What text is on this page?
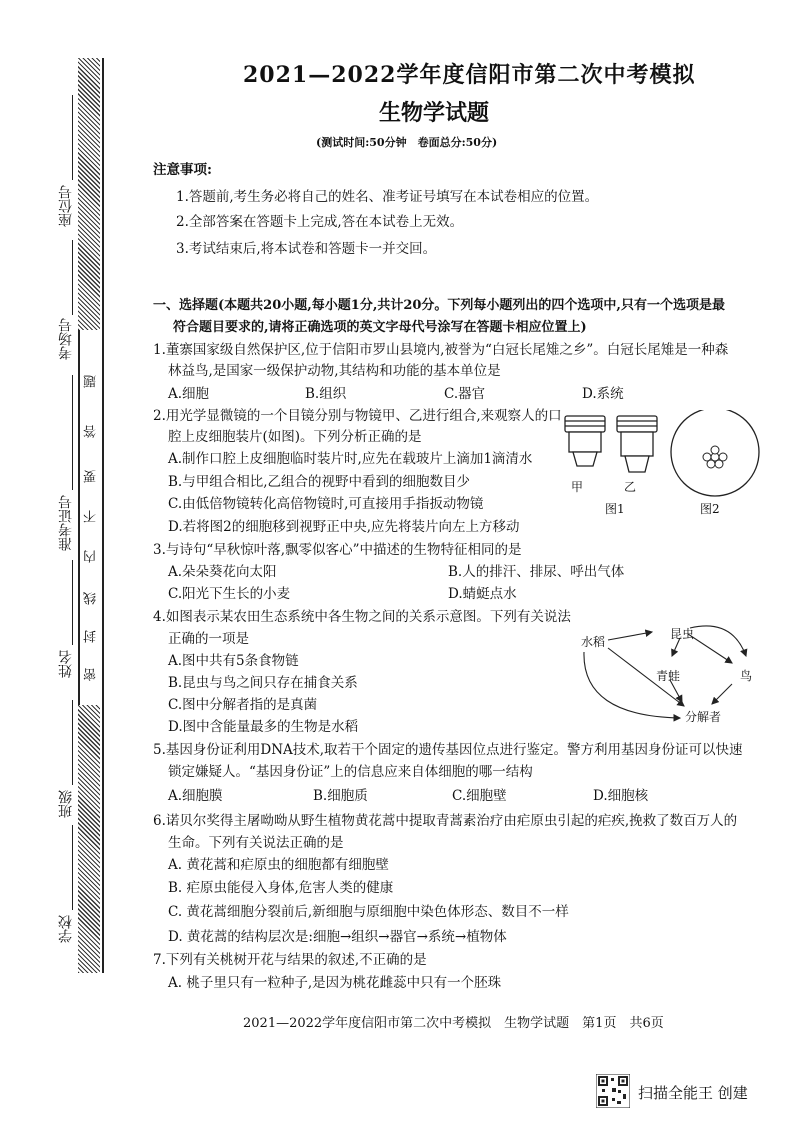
题
答
要
不
内
线
封
密
座位号
考场号
准考证号
姓名
班级
学校
2021—2022学年度信阳市第二次中考模拟
生物学试题
(测试时间:50分钟　卷面总分:50分)
注意事项:
1.答题前,考生务必将自己的姓名、准考证号填写在本试卷相应的位置。
2.全部答案在答题卡上完成,答在本试卷上无效。
3.考试结束后,将本试卷和答题卡一并交回。
一、选择题(本题共20小题,每小题1分,共计20分。下列每小题列出的四个选项中,只有一个选项是最
符合题目要求的,请将正确选项的英文字母代号涂写在答题卡相应位置上)
1.董寨国家级自然保护区,位于信阳市罗山县境内,被誉为“白冠长尾雉之乡”。白冠长尾雉是一种森
林益鸟,是国家一级保护动物,其结构和功能的基本单位是
A.细胞	B.组织	C.器官	D.系统
2.用光学显微镜的一个目镜分别与物镜甲、乙进行组合,来观察人的口
腔上皮细胞装片(如图)。下列分析正确的是
A.制作口腔上皮细胞临时装片时,应先在载玻片上滴加1滴清水
B.与甲组合相比,乙组合的视野中看到的细胞数目少
C.由低倍物镜转化高倍物镜时,可直接用手指扳动物镜
D.若将图2的细胞移到视野正中央,应先将装片向左上方移动
甲	乙
图1	图2
3.与诗句“早秋惊叶落,飘零似客心”中描述的生物特征相同的是
A.朵朵葵花向太阳	B.人的排汗、排尿、呼出气体
C.阳光下生长的小麦	D.蜻蜓点水
4.如图表示某农田生态系统中各生物之间的关系示意图。下列有关说法
正确的一项是
A.图中共有5条食物链
B.昆虫与鸟之间只存在捕食关系
C.图中分解者指的是真菌
D.图中含能量最多的生物是水稻
水稻
昆虫
青蛙	鸟
分解者
5.基因身份证利用DNA技术,取若干个固定的遗传基因位点进行鉴定。警方利用基因身份证可以快速
锁定嫌疑人。“基因身份证”上的信息应来自体细胞的哪一结构
A.细胞膜	B.细胞质	C.细胞壁	D.细胞核
6.诺贝尔奖得主屠呦呦从野生植物黄花蒿中提取青蒿素治疗由疟原虫引起的疟疾,挽救了数百万人的
生命。下列有关说法正确的是
A. 黄花蒿和疟原虫的细胞都有细胞壁
B. 疟原虫能侵入身体,危害人类的健康
C. 黄花蒿细胞分裂前后,新细胞与原细胞中染色体形态、数目不一样
D. 黄花蒿的结构层次是:细胞→组织→器官→系统→植物体
7.下列有关桃树开花与结果的叙述,不正确的是
A. 桃子里只有一粒种子,是因为桃花雌蕊中只有一个胚珠
2021—2022学年度信阳市第二次中考模拟　生物学试题　第1页　共6页
扫描全能王 创建
